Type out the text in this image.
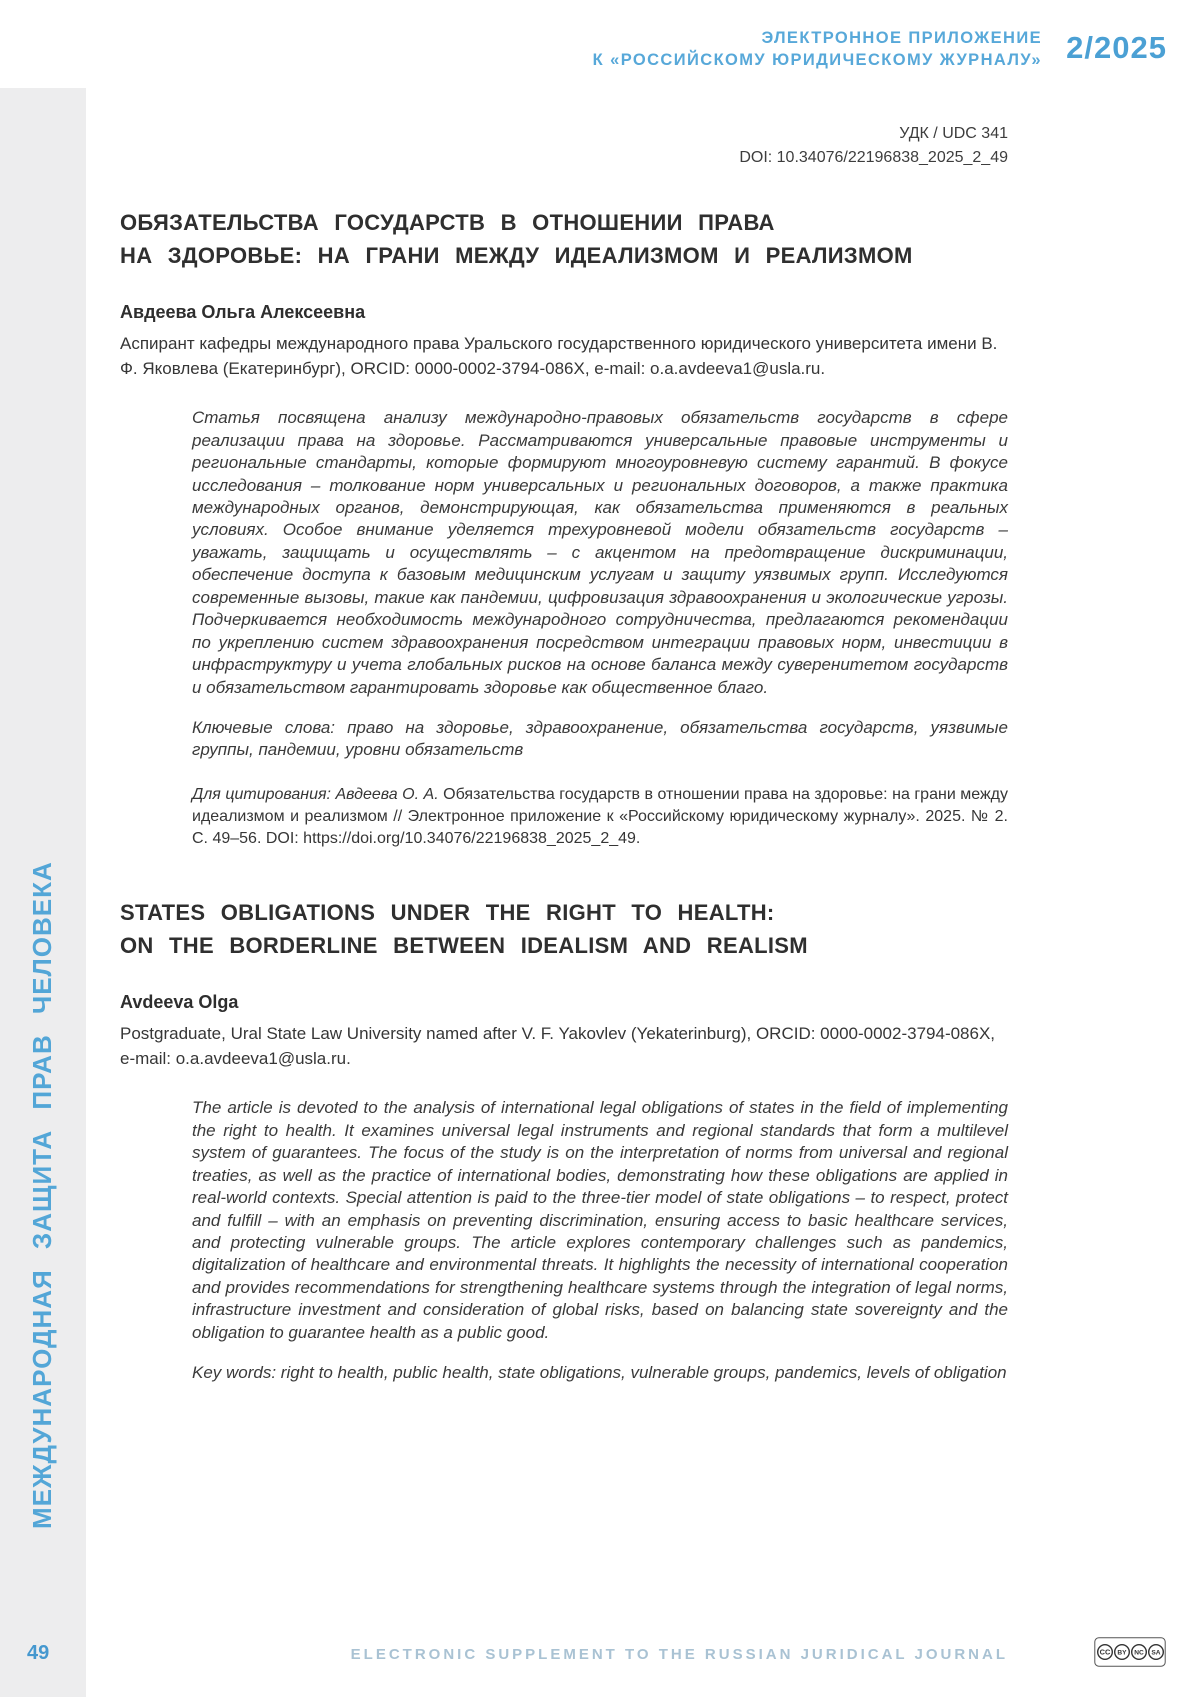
ЭЛЕКТРОННОЕ ПРИЛОЖЕНИЕ
К «РОССИЙСКОМУ ЮРИДИЧЕСКОМУ ЖУРНАЛУ» 2/2025
МЕЖДУНАРОДНАЯ ЗАЩИТА ПРАВ ЧЕЛОВЕКА
49
УДК / UDC 341
DOI: 10.34076/22196838_2025_2_49
ОБЯЗАТЕЛЬСТВА ГОСУДАРСТВ В ОТНОШЕНИИ ПРАВА
НА ЗДОРОВЬЕ: НА ГРАНИ МЕЖДУ ИДЕАЛИЗМОМ И РЕАЛИЗМОМ

Авдеева Ольга Алексеевна

Аспирант кафедры международного права Уральского государственного юридического университета имени В. Ф. Яковлева (Екатеринбург), ORCID: 0000-0002-3794-086X, e-mail: o.a.avdeeva1@usla.ru.

Статья посвящена анализу международно-правовых обязательств государств в сфере реализации права на здоровье. Рассматриваются универсальные правовые инструменты и региональные стандарты, которые формируют многоуровневую систему гарантий. В фокусе исследования – толкование норм универсальных и региональных договоров, а также практика международных органов, демонстрирующая, как обязательства применяются в реальных условиях. Особое внимание уделяется трехуровневой модели обязательств государств – уважать, защищать и осуществлять – с акцентом на предотвращение дискриминации, обеспечение доступа к базовым медицинским услугам и защиту уязвимых групп. Исследуются современные вызовы, такие как пандемии, цифровизация здравоохранения и экологические угрозы. Подчеркивается необходимость международного сотрудничества, предлагаются рекомендации по укреплению систем здравоохранения посредством интеграции правовых норм, инвестиции в инфраструктуру и учета глобальных рисков на основе баланса между суверенитетом государств и обязательством гарантировать здоровье как общественное благо.

Ключевые слова: право на здоровье, здравоохранение, обязательства государств, уязвимые группы, пандемии, уровни обязательств

Для цитирования: Авдеева О. А. Обязательства государств в отношении права на здоровье: на грани между идеализмом и реализмом // Электронное приложение к «Российскому юридическому журналу». 2025. № 2. С. 49–56. DOI: https://doi.org/10.34076/22196838_2025_2_49.

STATES OBLIGATIONS UNDER THE RIGHT TO HEALTH:
ON THE BORDERLINE BETWEEN IDEALISM AND REALISM

Avdeeva Olga

Postgraduate, Ural State Law University named after V. F. Yakovlev (Yekaterinburg), ORCID: 0000-0002-3794-086X, e-mail: o.a.avdeeva1@usla.ru.

The article is devoted to the analysis of international legal obligations of states in the field of implementing the right to health. It examines universal legal instruments and regional standards that form a multilevel system of guarantees. The focus of the study is on the interpretation of norms from universal and regional treaties, as well as the practice of international bodies, demonstrating how these obligations are applied in real-world contexts. Special attention is paid to the three-tier model of state obligations – to respect, protect and fulfill – with an emphasis on preventing discrimination, ensuring access to basic healthcare services, and protecting vulnerable groups. The article explores contemporary challenges such as pandemics, digitalization of healthcare and environmental threats. It highlights the necessity of international cooperation and provides recommendations for strengthening healthcare systems through the integration of legal norms, infrastructure investment and consideration of global risks, based on balancing state sovereignty and the obligation to guarantee health as a public good.

Key words: right to health, public health, state obligations, vulnerable groups, pandemics, levels of obligation

ELECTRONIC SUPPLEMENT TO THE RUSSIAN JURIDICAL JOURNAL	CC BY NC SA
